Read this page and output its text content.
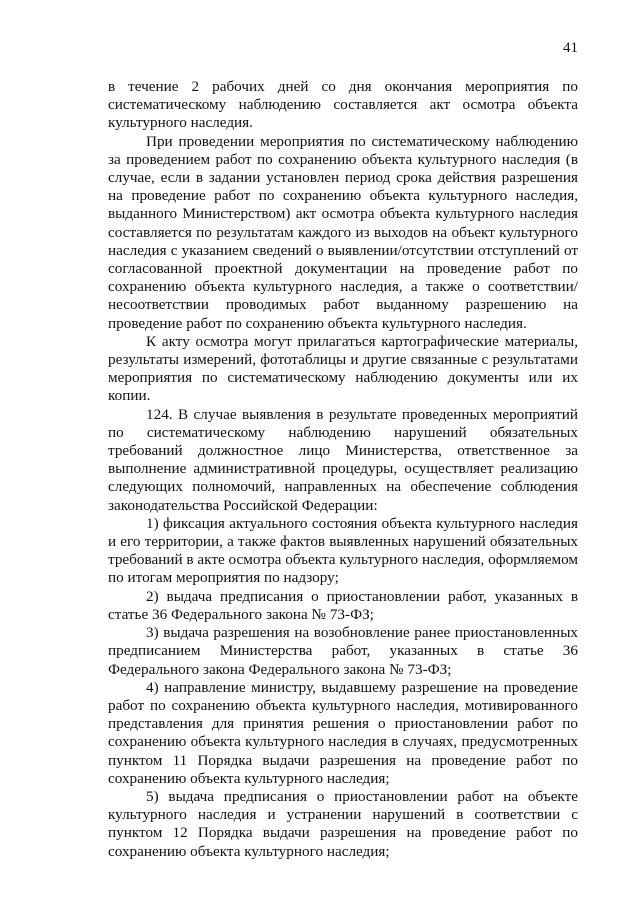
41

в течение 2 рабочих дней со дня окончания мероприятия по систематическому наблюдению составляется акт осмотра объекта культурного наследия.

При проведении мероприятия по систематическому наблюдению за проведением работ по сохранению объекта культурного наследия (в случае, если в задании установлен период срока действия разрешения на проведение работ по сохранению объекта культурного наследия, выданного Министерством) акт осмотра объекта культурного наследия составляется по результатам каждого из выходов на объект культурного наследия с указанием сведений о выявлении/отсутствии отступлений от согласованной проектной документации на проведение работ по сохранению объекта культурного наследия, а также о соответствии/несоответствии проводимых работ выданному разрешению на проведение работ по сохранению объекта культурного наследия.

К акту осмотра могут прилагаться картографические материалы, результаты измерений, фототаблицы и другие связанные с результатами мероприятия по систематическому наблюдению документы или их копии.

124. В случае выявления в результате проведенных мероприятий по систематическому наблюдению нарушений обязательных требований должностное лицо Министерства, ответственное за выполнение административной процедуры, осуществляет реализацию следующих полномочий, направленных на обеспечение соблюдения законодательства Российской Федерации:

1) фиксация актуального состояния объекта культурного наследия и его территории, а также фактов выявленных нарушений обязательных требований в акте осмотра объекта культурного наследия, оформляемом по итогам мероприятия по надзору;

2) выдача предписания о приостановлении работ, указанных в статье 36 Федерального закона № 73-ФЗ;

3) выдача разрешения на возобновление ранее приостановленных предписанием Министерства работ, указанных в статье 36 Федерального закона Федерального закона № 73-ФЗ;

4) направление министру, выдавшему разрешение на проведение работ по сохранению объекта культурного наследия, мотивированного представления для принятия решения о приостановлении работ по сохранению объекта культурного наследия в случаях, предусмотренных пунктом 11 Порядка выдачи разрешения на проведение работ по сохранению объекта культурного наследия;

5) выдача предписания о приостановлении работ на объекте культурного наследия и устранении нарушений в соответствии с пунктом 12 Порядка выдачи разрешения на проведение работ по сохранению объекта культурного наследия;
